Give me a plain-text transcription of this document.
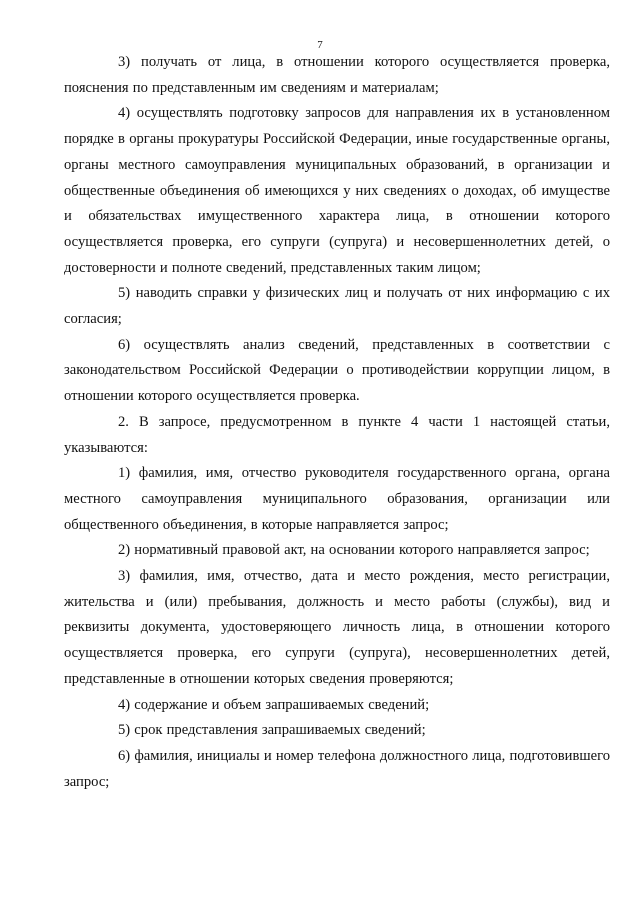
7

3) получать от лица, в отношении которого осуществляется проверка, пояснения по представленным им сведениям и материалам;

4) осуществлять подготовку запросов для направления их в установленном порядке в органы прокуратуры Российской Федерации, иные государственные органы, органы местного самоуправления муниципальных образований, в организации и общественные объединения об имеющихся у них сведениях о доходах, об имуществе и обязательствах имущественного характера лица, в отношении которого осуществляется проверка, его супруги (супруга) и несовершеннолетних детей, о достоверности и полноте сведений, представленных таким лицом;

5) наводить справки у физических лиц и получать от них информацию с их согласия;

6) осуществлять анализ сведений, представленных в соответствии с законодательством Российской Федерации о противодействии коррупции лицом, в отношении которого осуществляется проверка.

2. В запросе, предусмотренном в пункте 4 части 1 настоящей статьи, указываются:

1) фамилия, имя, отчество руководителя государственного органа, органа местного самоуправления муниципального образования, организации или общественного объединения, в которые направляется запрос;

2) нормативный правовой акт, на основании которого направляется запрос;

3) фамилия, имя, отчество, дата и место рождения, место регистрации, жительства и (или) пребывания, должность и место работы (службы), вид и реквизиты документа, удостоверяющего личность лица, в отношении которого осуществляется проверка, его супруги (супруга), несовершеннолетних детей, представленные в отношении которых сведения проверяются;

4) содержание и объем запрашиваемых сведений;

5) срок представления запрашиваемых сведений;

6) фамилия, инициалы и номер телефона должностного лица, подготовившего запрос;
